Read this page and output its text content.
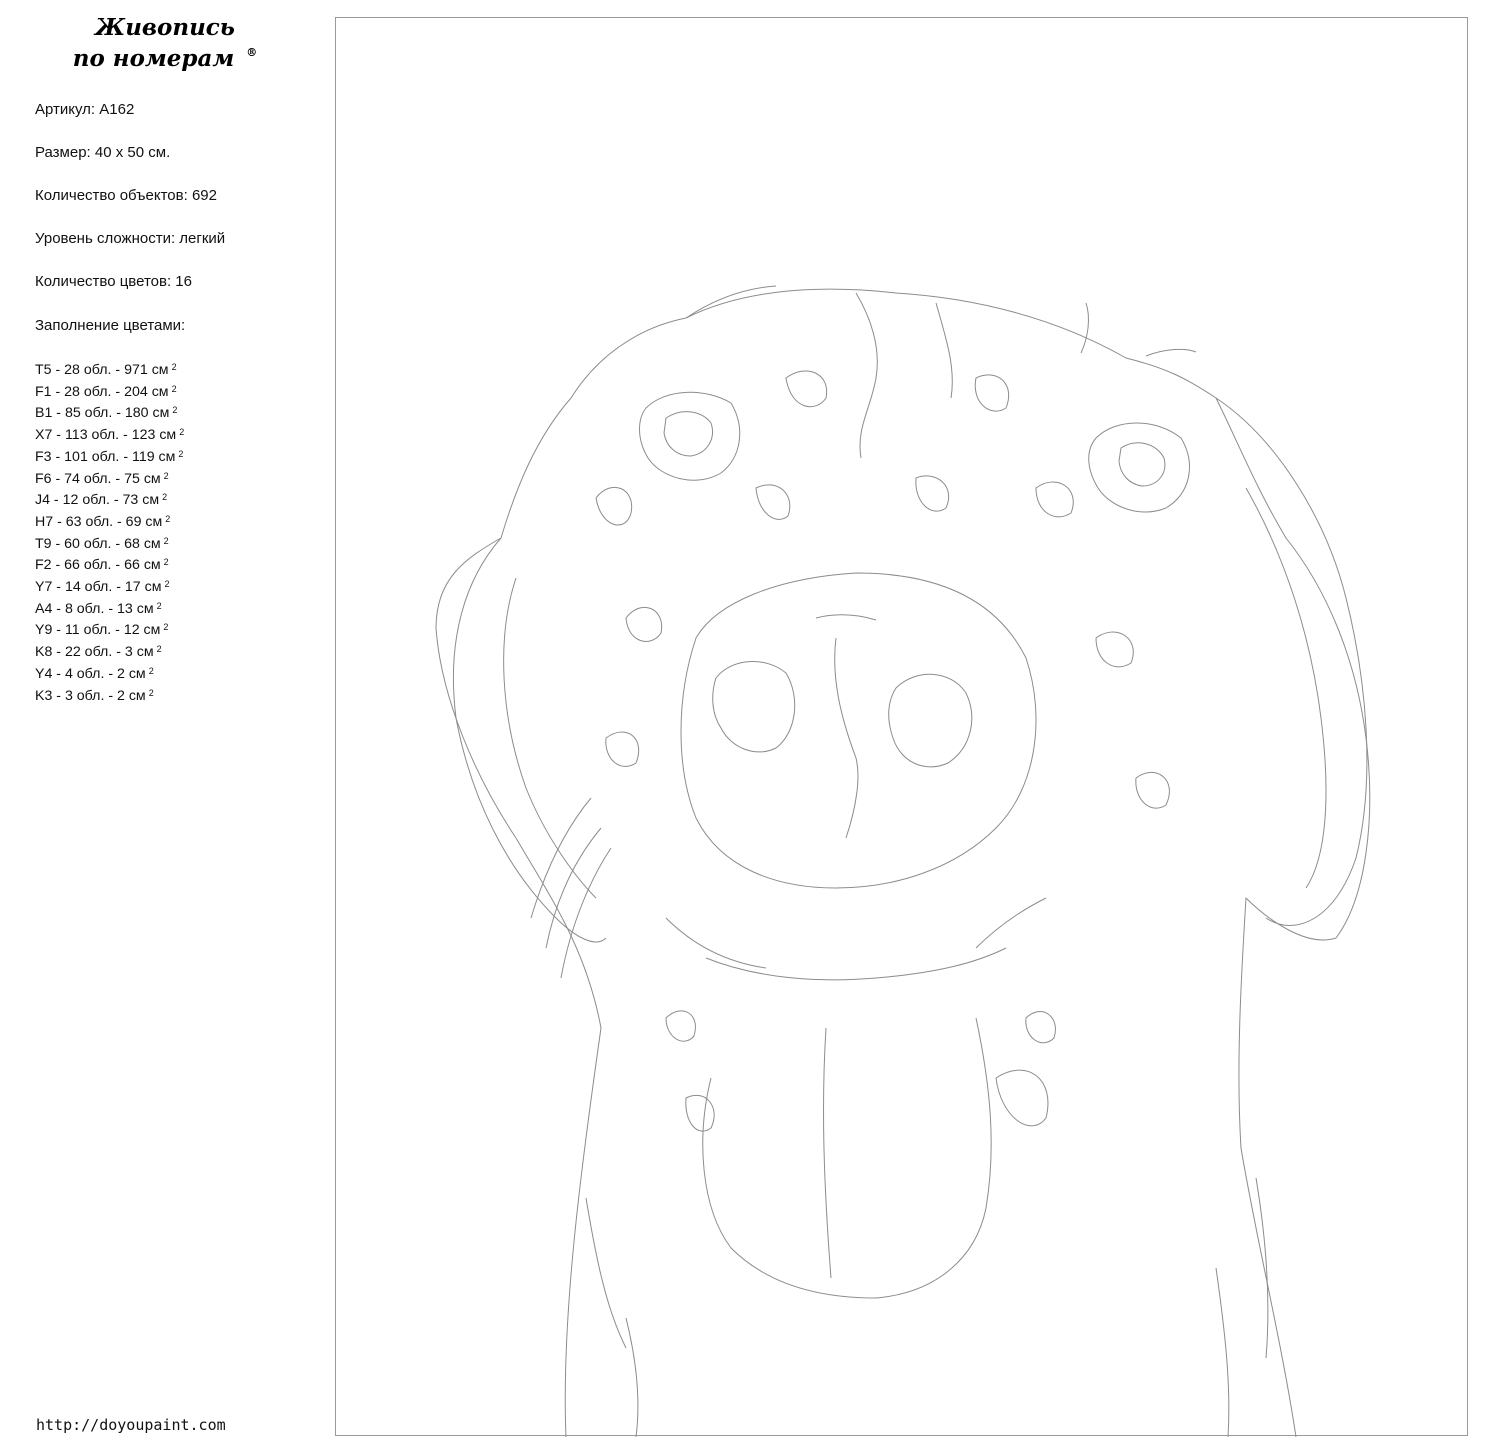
Живопись
по номерам ®
Артикул: A162
Размер: 40 x 50 см.
Количество объектов: 692
Уровень сложности: легкий
Количество цветов: 16
Заполнение цветами:
T5 - 28 обл. - 971 см $^2$
F1 - 28 обл. - 204 см $^2$
B1 - 85 обл. - 180 см $^2$
X7 - 113 обл. - 123 см $^2$
F3 - 101 обл. - 119 см $^2$
F6 - 74 обл. - 75 см $^2$
J4 - 12 обл. - 73 см $^2$
H7 - 63 обл. - 69 см $^2$
T9 - 60 обл. - 68 см $^2$
F2 - 66 обл. - 66 см $^2$
Y7 - 14 обл. - 17 см $^2$
A4 - 8 обл. - 13 см $^2$
Y9 - 11 обл. - 12 см $^2$
K8 - 22 обл. - 3 см $^2$
Y4 - 4 обл. - 2 см $^2$
K3 - 3 обл. - 2 см $^2$
http://doyoupaint.com
